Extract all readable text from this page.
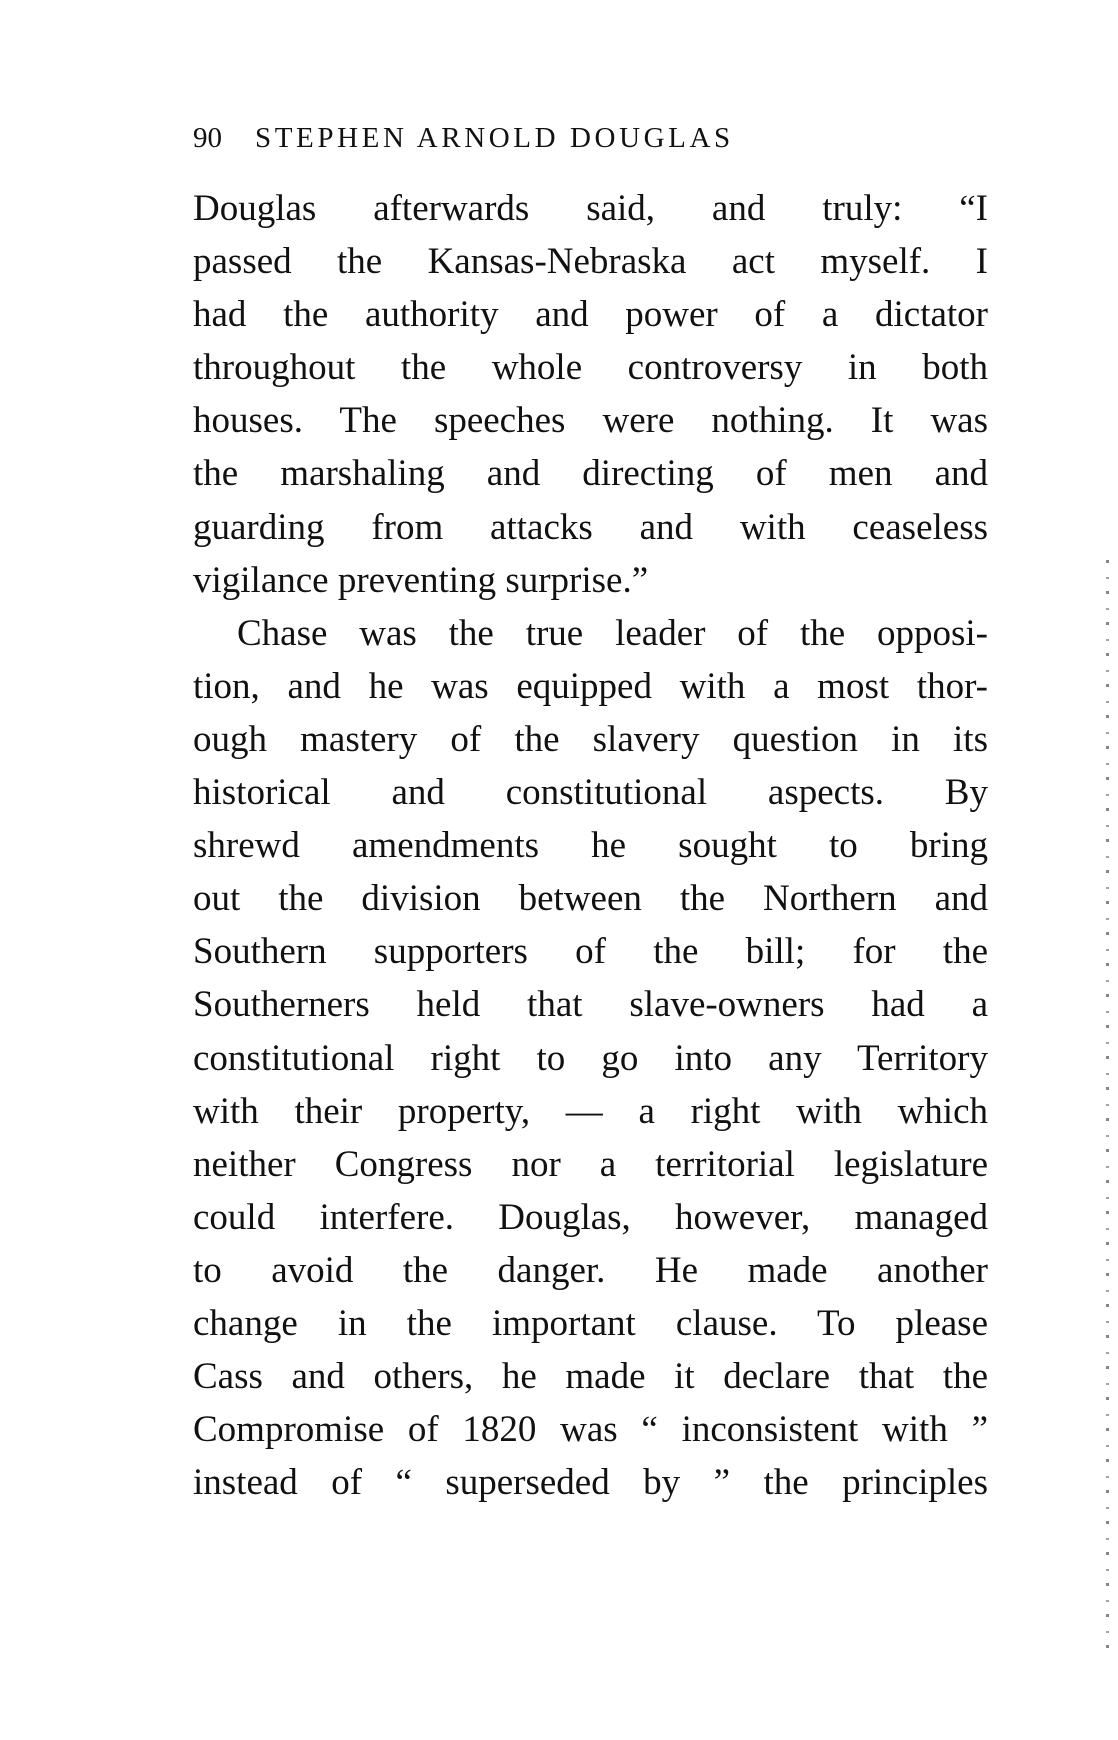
90 STEPHEN ARNOLD DOUGLAS
Douglas afterwards said, and truly: “I
passed the Kansas-Nebraska act myself. I
had the authority and power of a dictator
throughout the whole controversy in both
houses. The speeches were nothing. It was
the marshaling and directing of men and
guarding from attacks and with ceaseless
vigilance preventing surprise.”
Chase was the true leader of the opposi-
tion, and he was equipped with a most thor-
ough mastery of the slavery question in its
historical and constitutional aspects. By
shrewd amendments he sought to bring
out the division between the Northern and
Southern supporters of the bill; for the
Southerners held that slave-owners had a
constitutional right to go into any Territory
with their property, — a right with which
neither Congress nor a territorial legislature
could interfere. Douglas, however, managed
to avoid the danger. He made another
change in the important clause. To please
Cass and others, he made it declare that the
Compromise of 1820 was “ inconsistent with ”
instead of “ superseded by ” the principles
